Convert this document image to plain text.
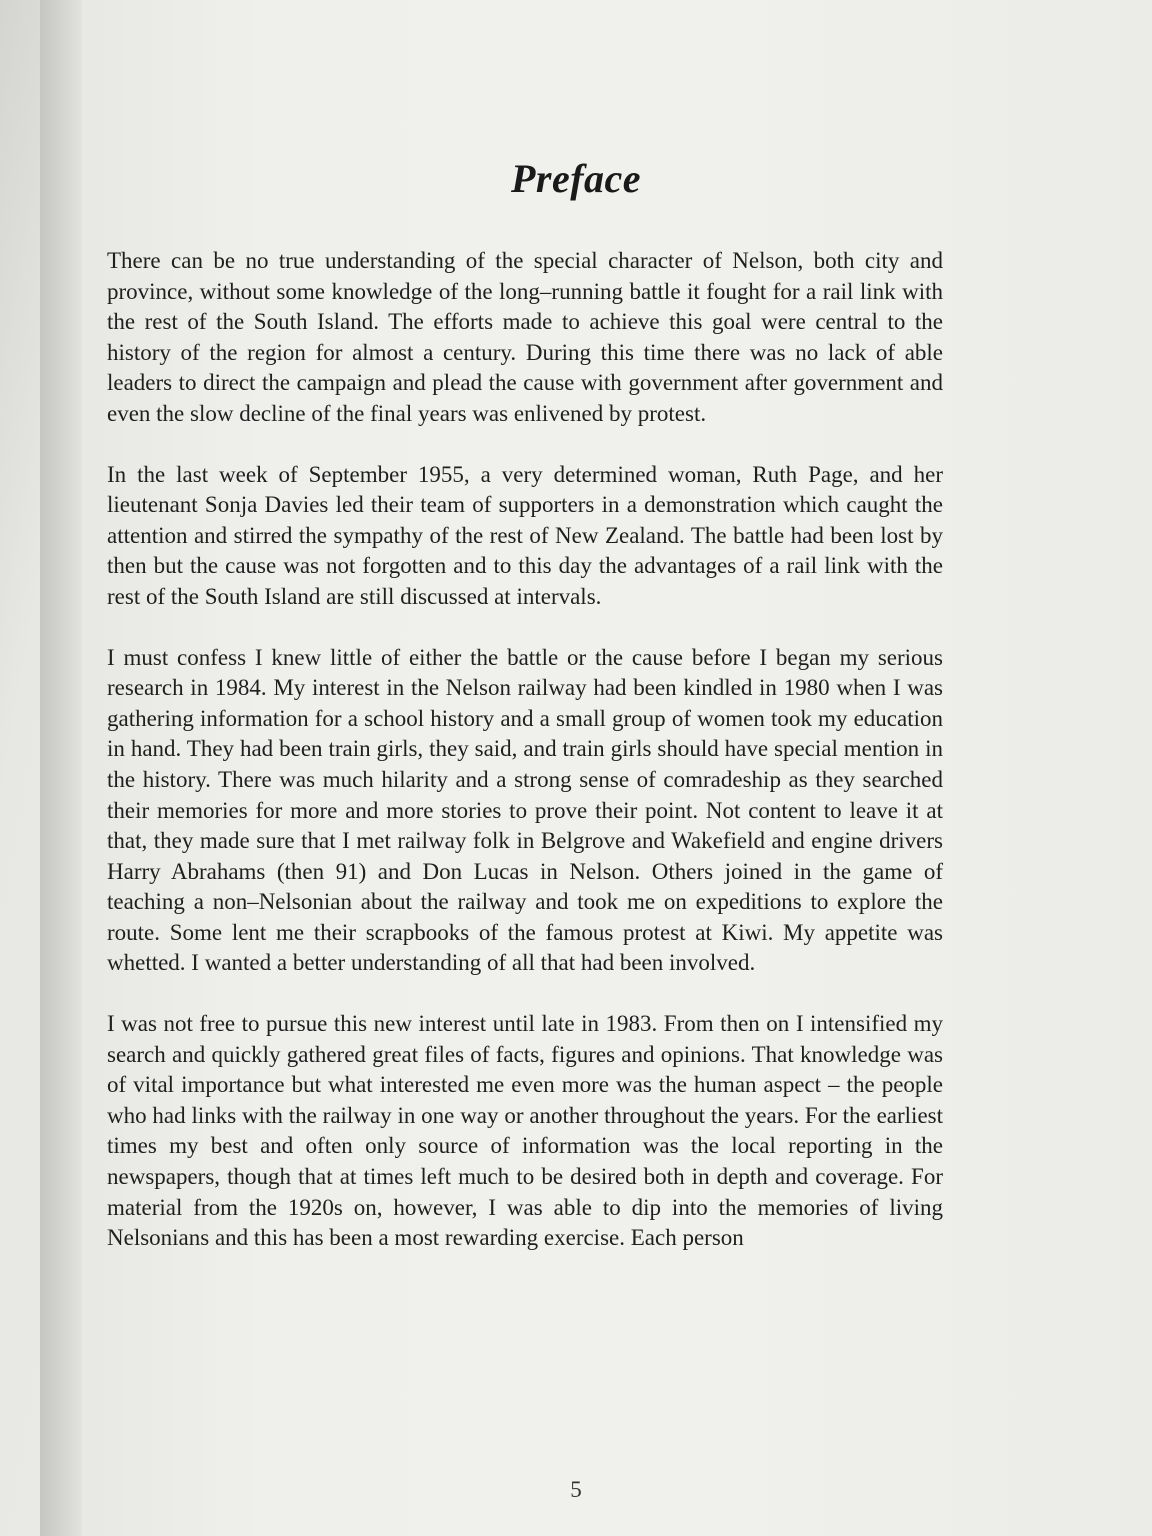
Preface

There can be no true understanding of the special character of Nelson, both city and province, without some knowledge of the long–running battle it fought for a rail link with the rest of the South Island. The efforts made to achieve this goal were central to the history of the region for almost a century. During this time there was no lack of able leaders to direct the campaign and plead the cause with government after government and even the slow decline of the final years was enlivened by protest.

In the last week of September 1955, a very determined woman, Ruth Page, and her lieutenant Sonja Davies led their team of supporters in a demonstration which caught the attention and stirred the sympathy of the rest of New Zealand. The battle had been lost by then but the cause was not forgotten and to this day the advantages of a rail link with the rest of the South Island are still discussed at intervals.

I must confess I knew little of either the battle or the cause before I began my serious research in 1984. My interest in the Nelson railway had been kindled in 1980 when I was gathering information for a school history and a small group of women took my education in hand. They had been train girls, they said, and train girls should have special mention in the history. There was much hilarity and a strong sense of comradeship as they searched their memories for more and more stories to prove their point. Not content to leave it at that, they made sure that I met railway folk in Belgrove and Wakefield and engine drivers Harry Abrahams (then 91) and Don Lucas in Nelson. Others joined in the game of teaching a non–Nelsonian about the railway and took me on expeditions to explore the route. Some lent me their scrapbooks of the famous protest at Kiwi. My appetite was whetted. I wanted a better understanding of all that had been involved.

I was not free to pursue this new interest until late in 1983. From then on I intensified my search and quickly gathered great files of facts, figures and opinions. That knowledge was of vital importance but what interested me even more was the human aspect – the people who had links with the railway in one way or another throughout the years. For the earliest times my best and often only source of information was the local reporting in the newspapers, though that at times left much to be desired both in depth and coverage. For material from the 1920s on, however, I was able to dip into the memories of living Nelsonians and this has been a most rewarding exercise. Each person

5
